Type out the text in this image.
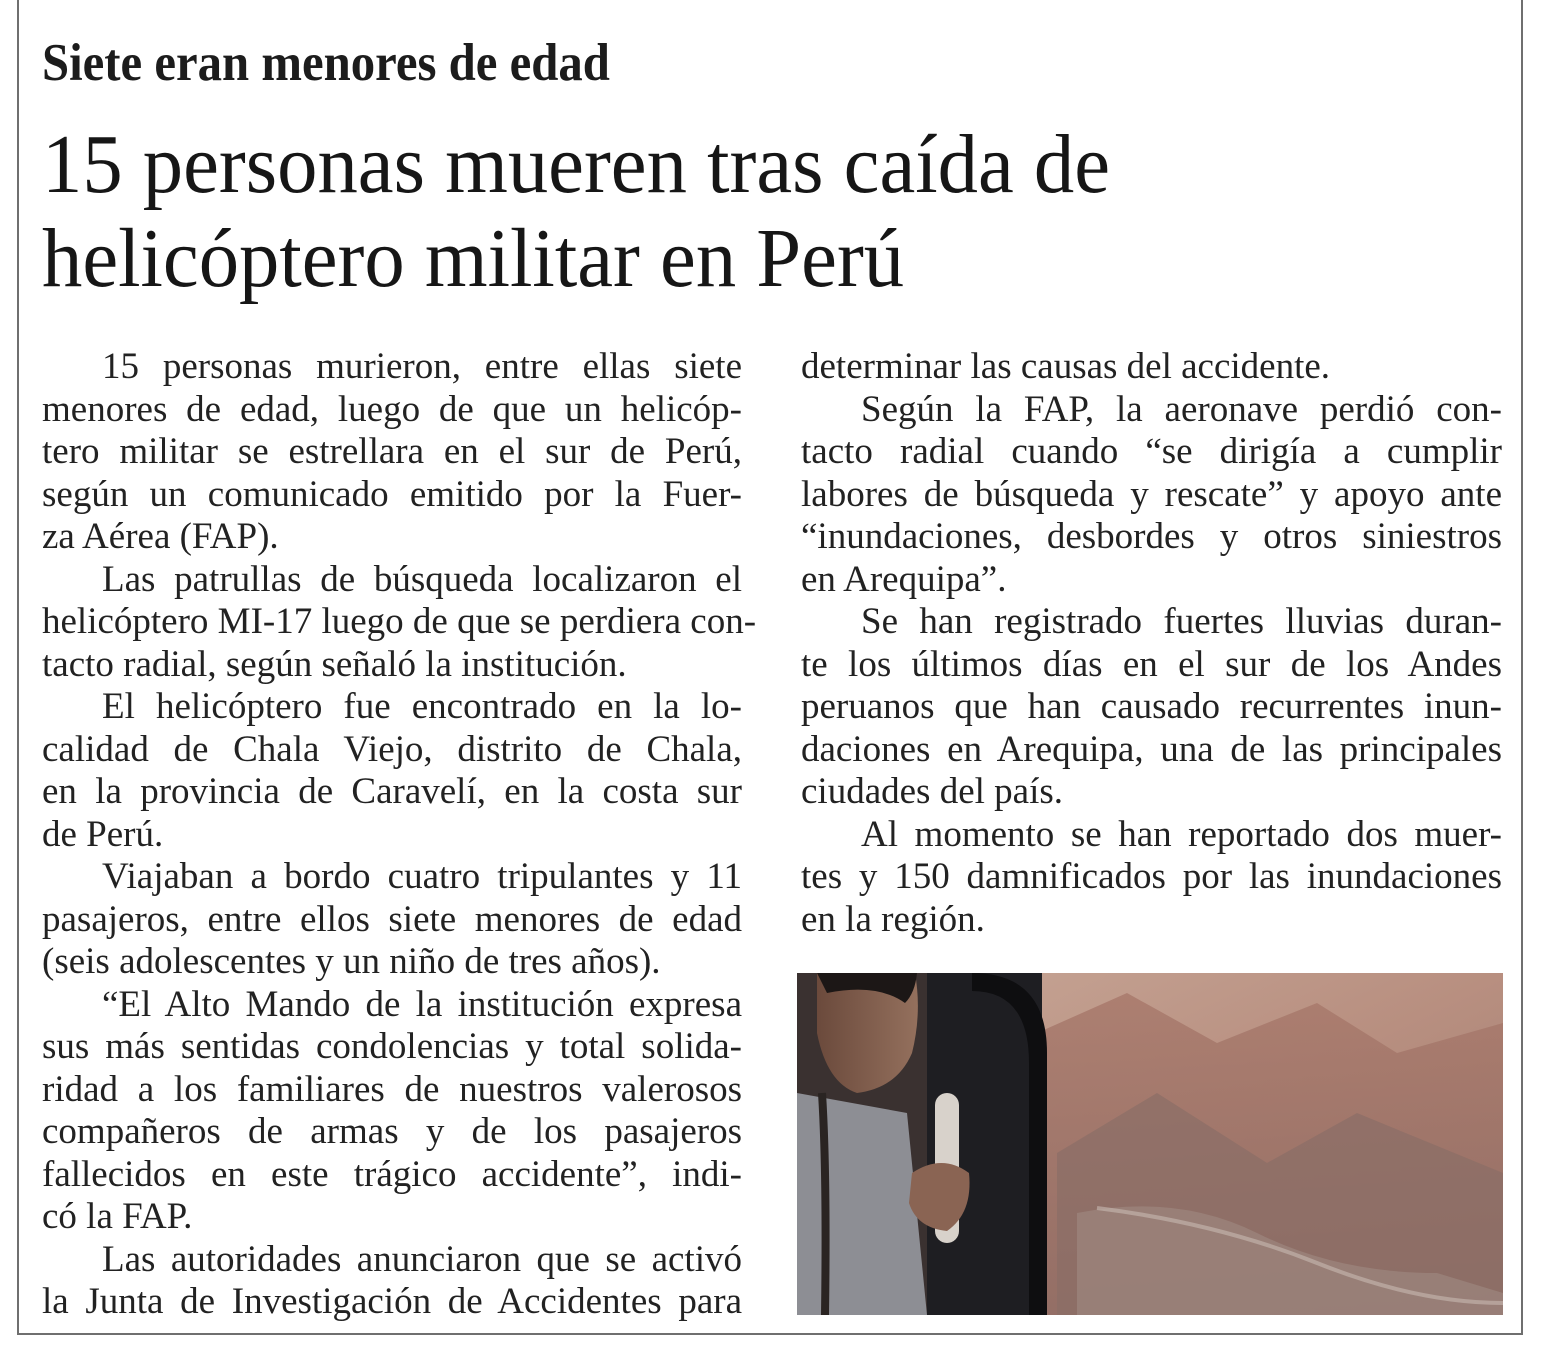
Siete eran menores de edad
15 personas mueren tras caída de
helicóptero militar en Perú
15 personas murieron, entre ellas siete
menores de edad, luego de que un helicóp-
tero militar se estrellara en el sur de Perú,
según un comunicado emitido por la Fuer-
za Aérea (FAP).
Las patrullas de búsqueda localizaron el
helicóptero MI-17 luego de que se perdiera con-
tacto radial, según señaló la institución.
El helicóptero fue encontrado en la lo-
calidad de Chala Viejo, distrito de Chala,
en la provincia de Caravelí, en la costa sur
de Perú.
Viajaban a bordo cuatro tripulantes y 11
pasajeros, entre ellos siete menores de edad
(seis adolescentes y un niño de tres años).
“El Alto Mando de la institución expresa
sus más sentidas condolencias y total solida-
ridad a los familiares de nuestros valerosos
compañeros de armas y de los pasajeros
fallecidos en este trágico accidente”, indi-
có la FAP.
Las autoridades anunciaron que se activó
la Junta de Investigación de Accidentes para
determinar las causas del accidente.
Según la FAP, la aeronave perdió con-
tacto radial cuando “se dirigía a cumplir
labores de búsqueda y rescate” y apoyo ante
“inundaciones, desbordes y otros siniestros
en Arequipa”.
Se han registrado fuertes lluvias duran-
te los últimos días en el sur de los Andes
peruanos que han causado recurrentes inun-
daciones en Arequipa, una de las principales
ciudades del país.
Al momento se han reportado dos muer-
tes y 150 damnificados por las inundaciones
en la región.
